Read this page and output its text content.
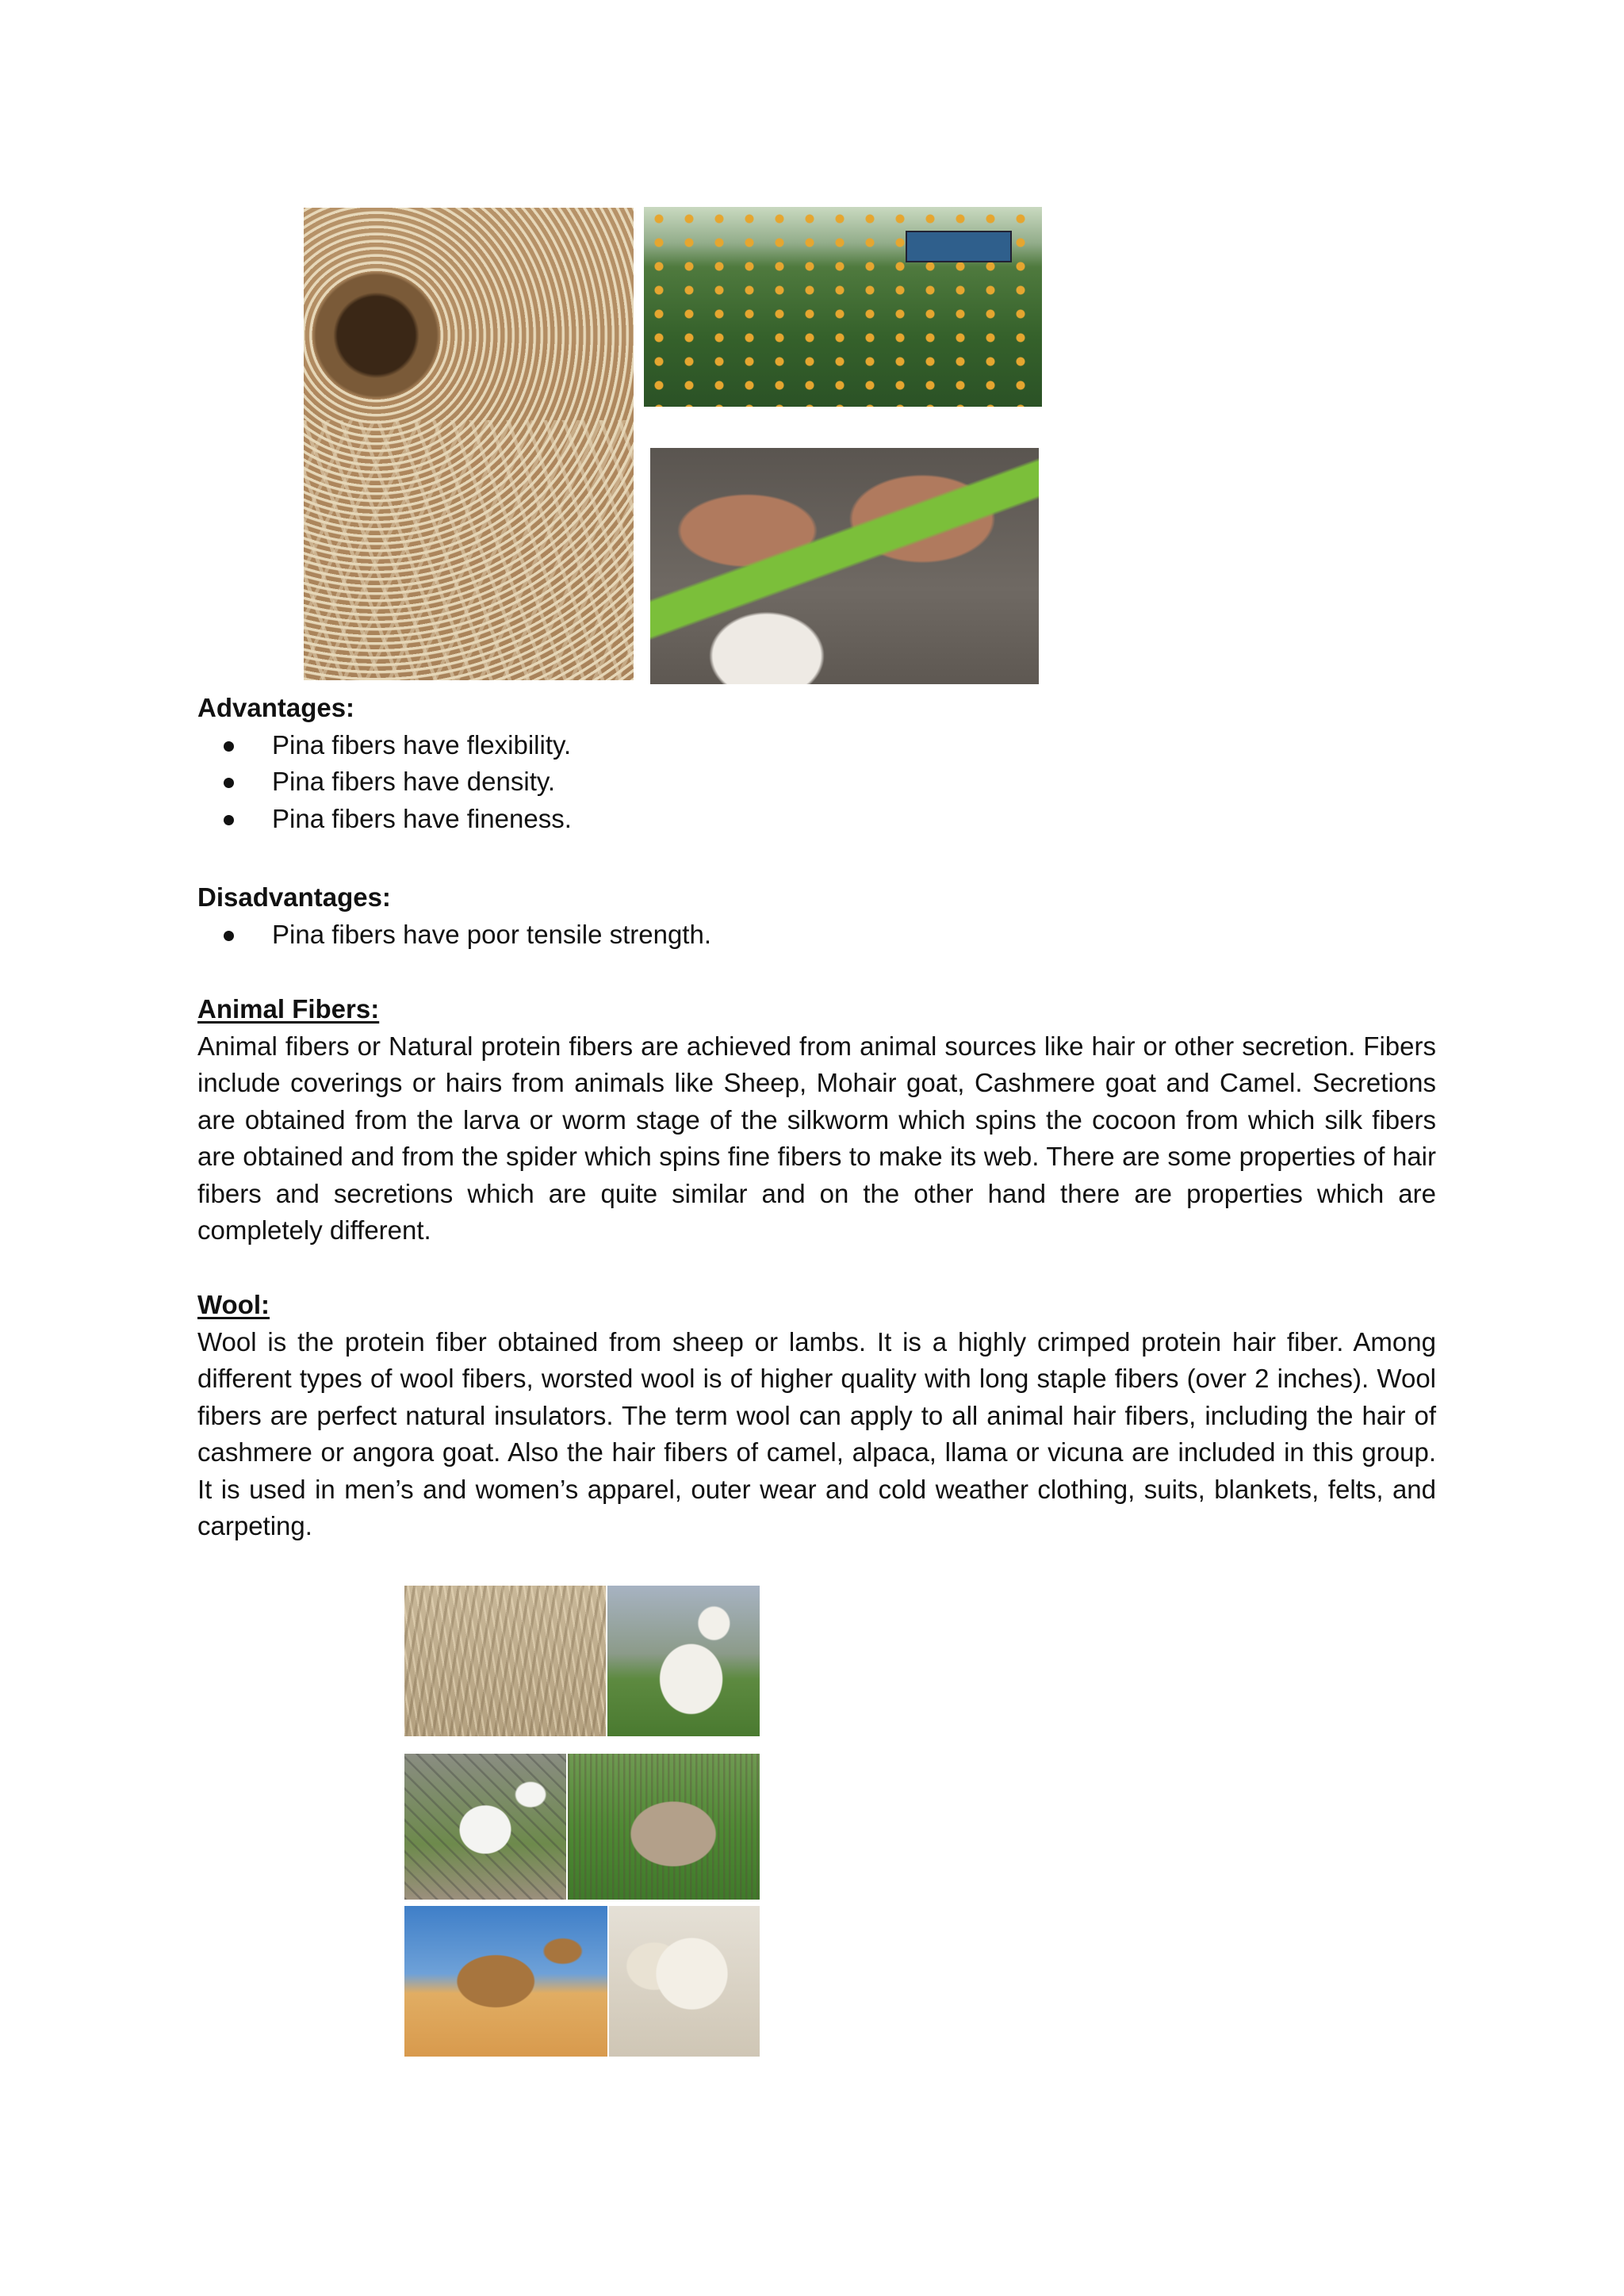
Advantages:

Pina fibers have flexibility.
Pina fibers have density.
Pina fibers have fineness.

Disadvantages:

Pina fibers have poor tensile strength.

Animal Fibers:

Animal fibers or Natural protein fibers are achieved from animal sources like hair or other secretion. Fibers include coverings or hairs from animals like Sheep, Mohair goat, Cashmere goat and Camel. Secretions are obtained from the larva or worm stage of the silkworm which spins the cocoon from which silk fibers are obtained and from the spider which spins fine fibers to make its web. There are some properties of hair fibers and secretions which are quite similar and on the other hand there are properties which are completely different.

Wool:

Wool is the protein fiber obtained from sheep or lambs. It is a highly crimped protein hair fiber. Among different types of wool fibers, worsted wool is of higher quality with long staple fibers (over 2 inches). Wool fibers are perfect natural insulators. The term wool can apply to all animal hair fibers, including the hair of cashmere or angora goat. Also the hair fibers of camel, alpaca, llama or vicuna are included in this group. It is used in men’s and women’s apparel, outer wear and cold weather clothing, suits, blankets, felts, and carpeting.
